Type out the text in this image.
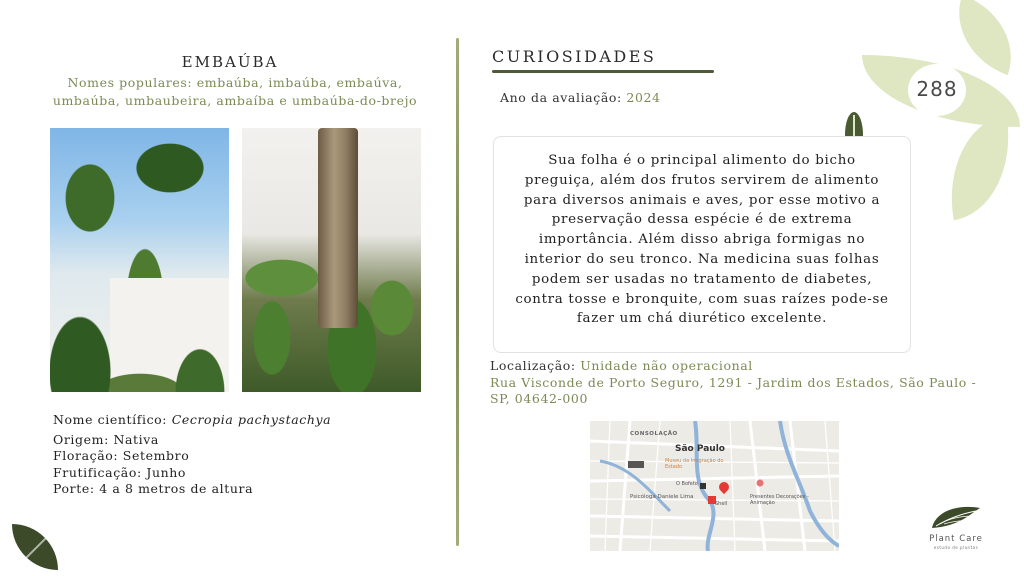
EMBAÚBA
Nomes populares: embaúba, imbaúba, embaúva,
umbaúba, umbaubeira, ambaíba e umbaúba-do-brejo
Nome científico: Cecropia pachystachya
Origem: Nativa
Floração: Setembro
Frutificação: Junho
Porte: 4 a 8 metros de altura
CURIOSIDADES
Ano da avaliação: 2024	288
Sua folha é o principal alimento do bicho preguiça, além dos frutos servirem de alimento para diversos animais e aves, por esse motivo a preservação dessa espécie é de extrema importância. Além disso abriga formigas no interior do seu tronco. Na medicina suas folhas podem ser usadas no tratamento de diabetes, contra tosse e bronquite, com suas raízes pode-se fazer um chá diurético excelente.
Localização: Unidade não operacional
Rua Visconde de Porto Seguro, 1291 - Jardim dos Estados, São Paulo - SP, 04642-000
CONSOLAÇÃO
São Paulo
Museu da Imigração do Estado
O Bofeto
Psicóloga Daniele Lima
Shell
Presentes Decorações - Animação
Plant Care
estudo de plantas
